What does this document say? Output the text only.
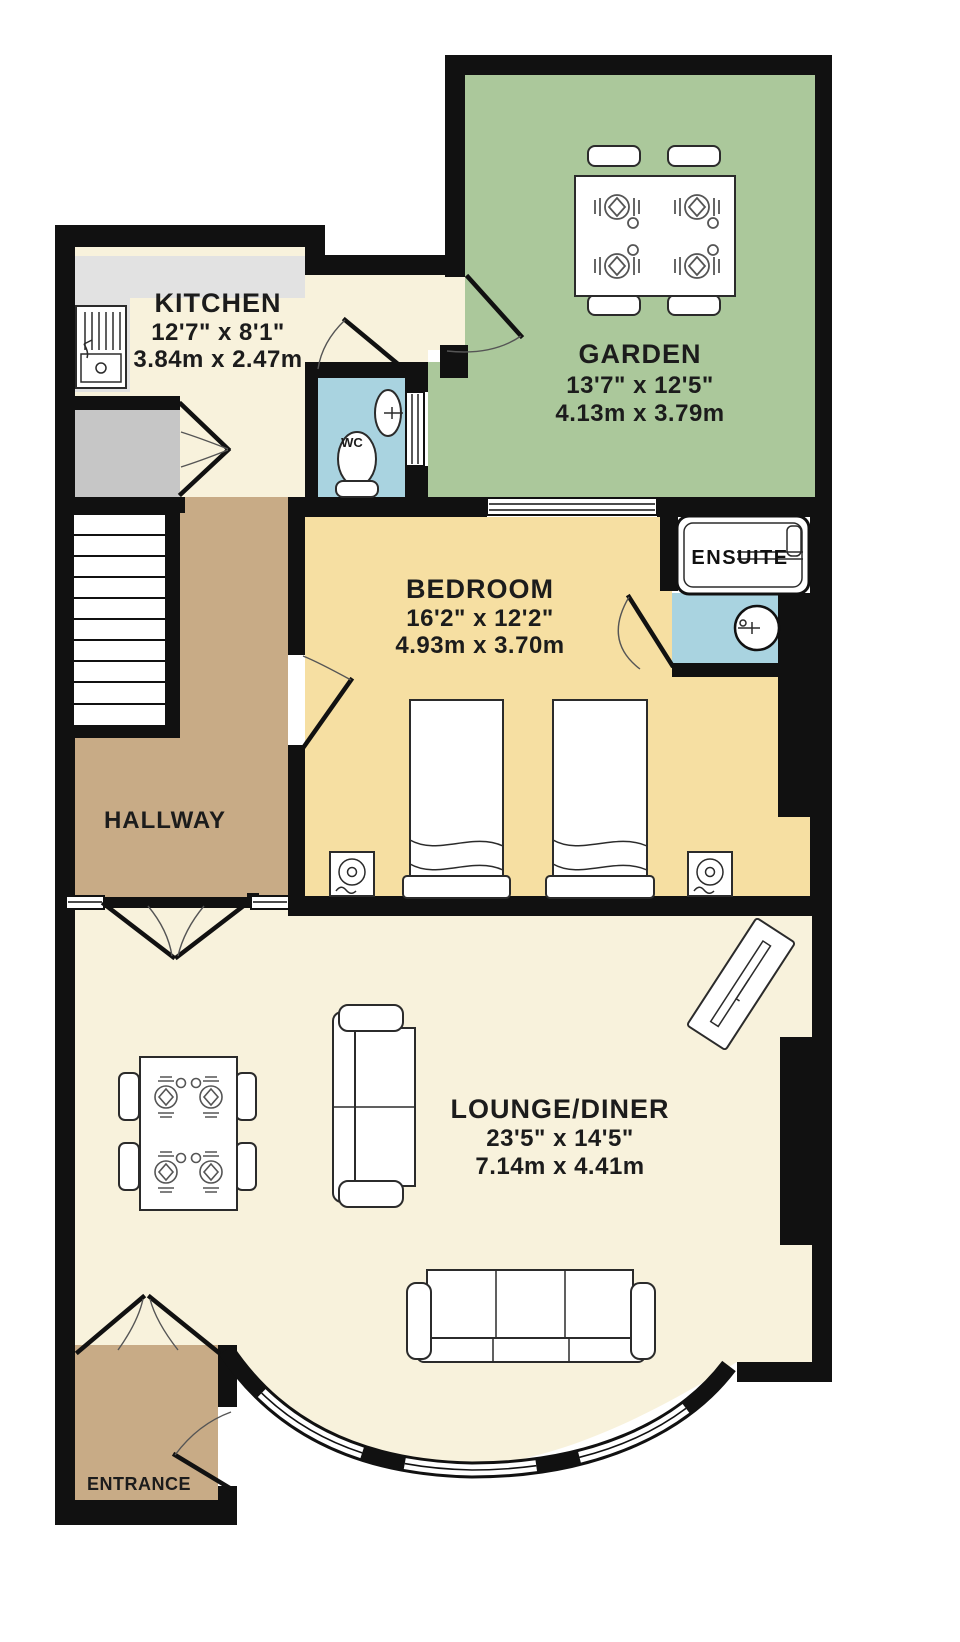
KITCHEN
12'7" x 8'1"
3.84m x 2.47m	GARDEN
13'7" x 12'5"
4.13m x 3.79m
BEDROOM
16'2" x 12'2"
4.93m x 3.70m
LOUNGE/DINER
23'5" x 14'5"
7.14m x 4.41m
HALLWAY
ENTRANCE
WC
ENSUITE
